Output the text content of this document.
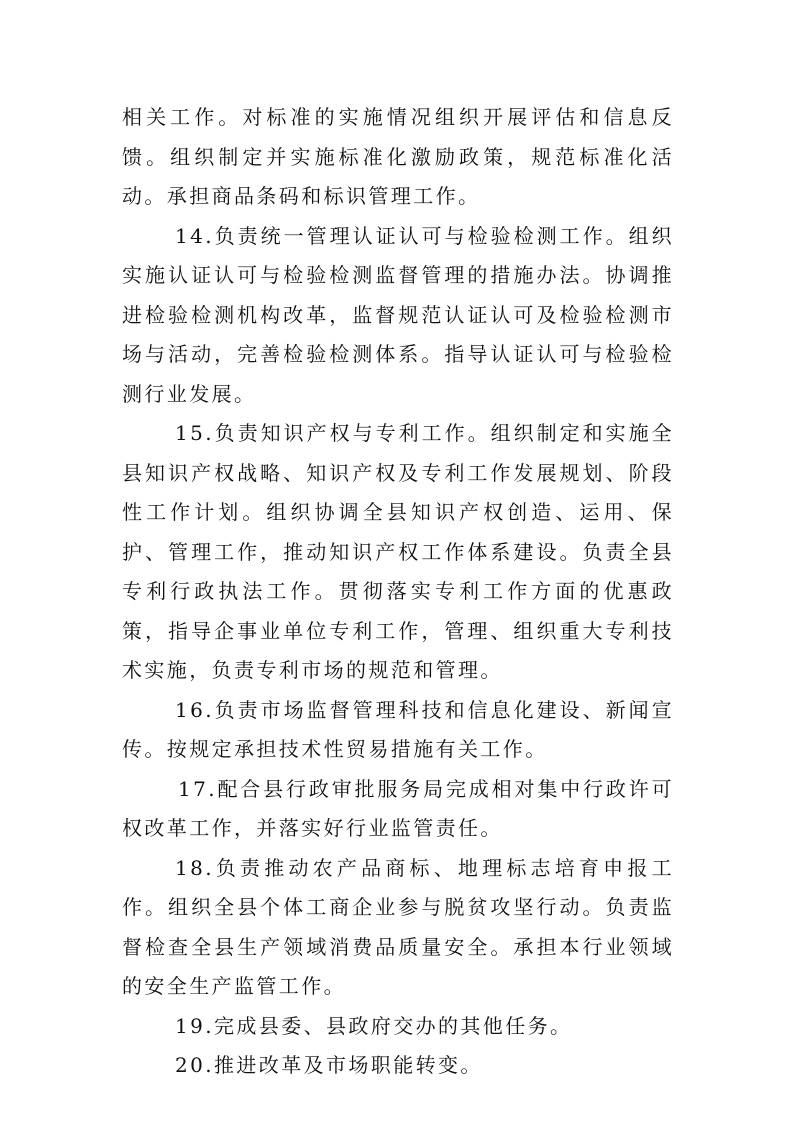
相关工作。对标准的实施情况组织开展评估和信息反馈。组织制定并实施标准化激励政策，规范标准化活动。承担商品条码和标识管理工作。

14.负责统一管理认证认可与检验检测工作。组织实施认证认可与检验检测监督管理的措施办法。协调推进检验检测机构改革，监督规范认证认可及检验检测市场与活动，完善检验检测体系。指导认证认可与检验检测行业发展。

15.负责知识产权与专利工作。组织制定和实施全县知识产权战略、知识产权及专利工作发展规划、阶段性工作计划。组织协调全县知识产权创造、运用、保护、管理工作，推动知识产权工作体系建设。负责全县专利行政执法工作。贯彻落实专利工作方面的优惠政策，指导企事业单位专利工作，管理、组织重大专利技术实施，负责专利市场的规范和管理。

16.负责市场监督管理科技和信息化建设、新闻宣传。按规定承担技术性贸易措施有关工作。

17.配合县行政审批服务局完成相对集中行政许可权改革工作，并落实好行业监管责任。

18.负责推动农产品商标、地理标志培育申报工作。组织全县个体工商企业参与脱贫攻坚行动。负责监督检查全县生产领域消费品质量安全。承担本行业领域的安全生产监管工作。

19.完成县委、县政府交办的其他任务。

20.推进改革及市场职能转变。
